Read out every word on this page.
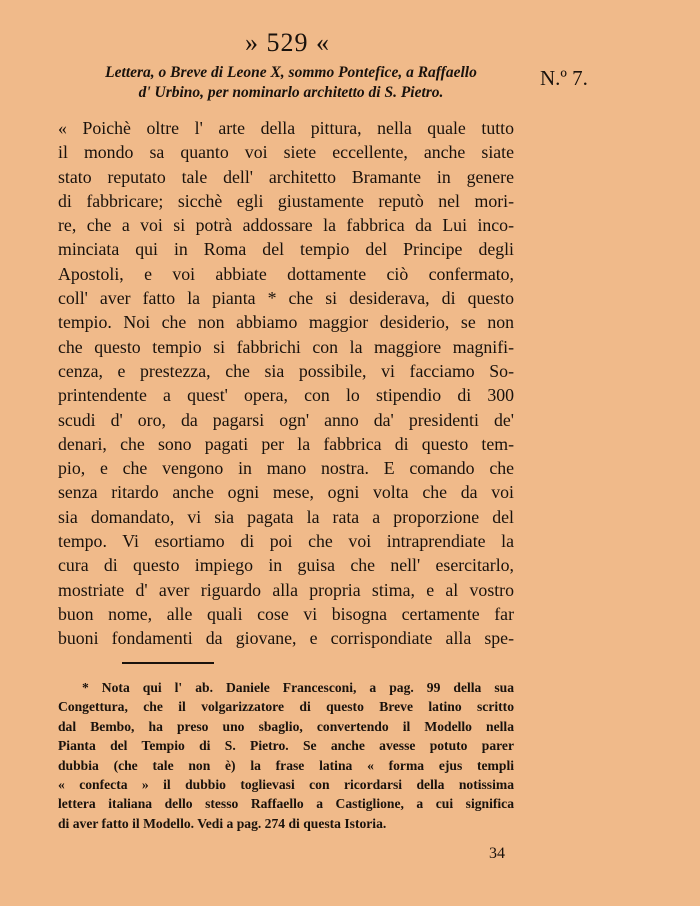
» 529 «
N.º 7.
Lettera, o Breve di Leone X, sommo Pontefice, a Raffaello
d' Urbino, per nominarlo architetto di S. Pietro.
« Poichè oltre l' arte della pittura, nella quale tutto
il mondo sa quanto voi siete eccellente, anche siate
stato reputato tale dell' architetto Bramante in genere
di fabbricare; sicchè egli giustamente reputò nel mori-
re, che a voi si potrà addossare la fabbrica da Lui inco-
minciata qui in Roma del tempio del Principe degli
Apostoli, e voi abbiate dottamente ciò confermato,
coll' aver fatto la pianta * che si desiderava, di questo
tempio. Noi che non abbiamo maggior desiderio, se non
che questo tempio si fabbrichi con la maggiore magnifi-
cenza, e prestezza, che sia possibile, vi facciamo So-
printendente a quest' opera, con lo stipendio di 300
scudi d' oro, da pagarsi ogn' anno da' presidenti de'
denari, che sono pagati per la fabbrica di questo tem-
pio, e che vengono in mano nostra. E comando che
senza ritardo anche ogni mese, ogni volta che da voi
sia domandato, vi sia pagata la rata a proporzione del
tempo. Vi esortiamo di poi che voi intraprendiate la
cura di questo impiego in guisa che nell' esercitarlo,
mostriate d' aver riguardo alla propria stima, e al vostro
buon nome, alle quali cose vi bisogna certamente far
buoni fondamenti da giovane, e corrispondiate alla spe-
* Nota qui l' ab. Daniele Francesconi, a pag. 99 della sua
Congettura, che il volgarizzatore di questo Breve latino scritto
dal Bembo, ha preso uno sbaglio, convertendo il Modello nella
Pianta del Tempio di S. Pietro. Se anche avesse potuto parer
dubbia (che tale non è) la frase latina « forma ejus templi
« confecta » il dubbio toglievasi con ricordarsi della notissima
lettera italiana dello stesso Raffaello a Castiglione, a cui significa
di aver fatto il Modello. Vedi a pag. 274 di questa Istoria.
34
